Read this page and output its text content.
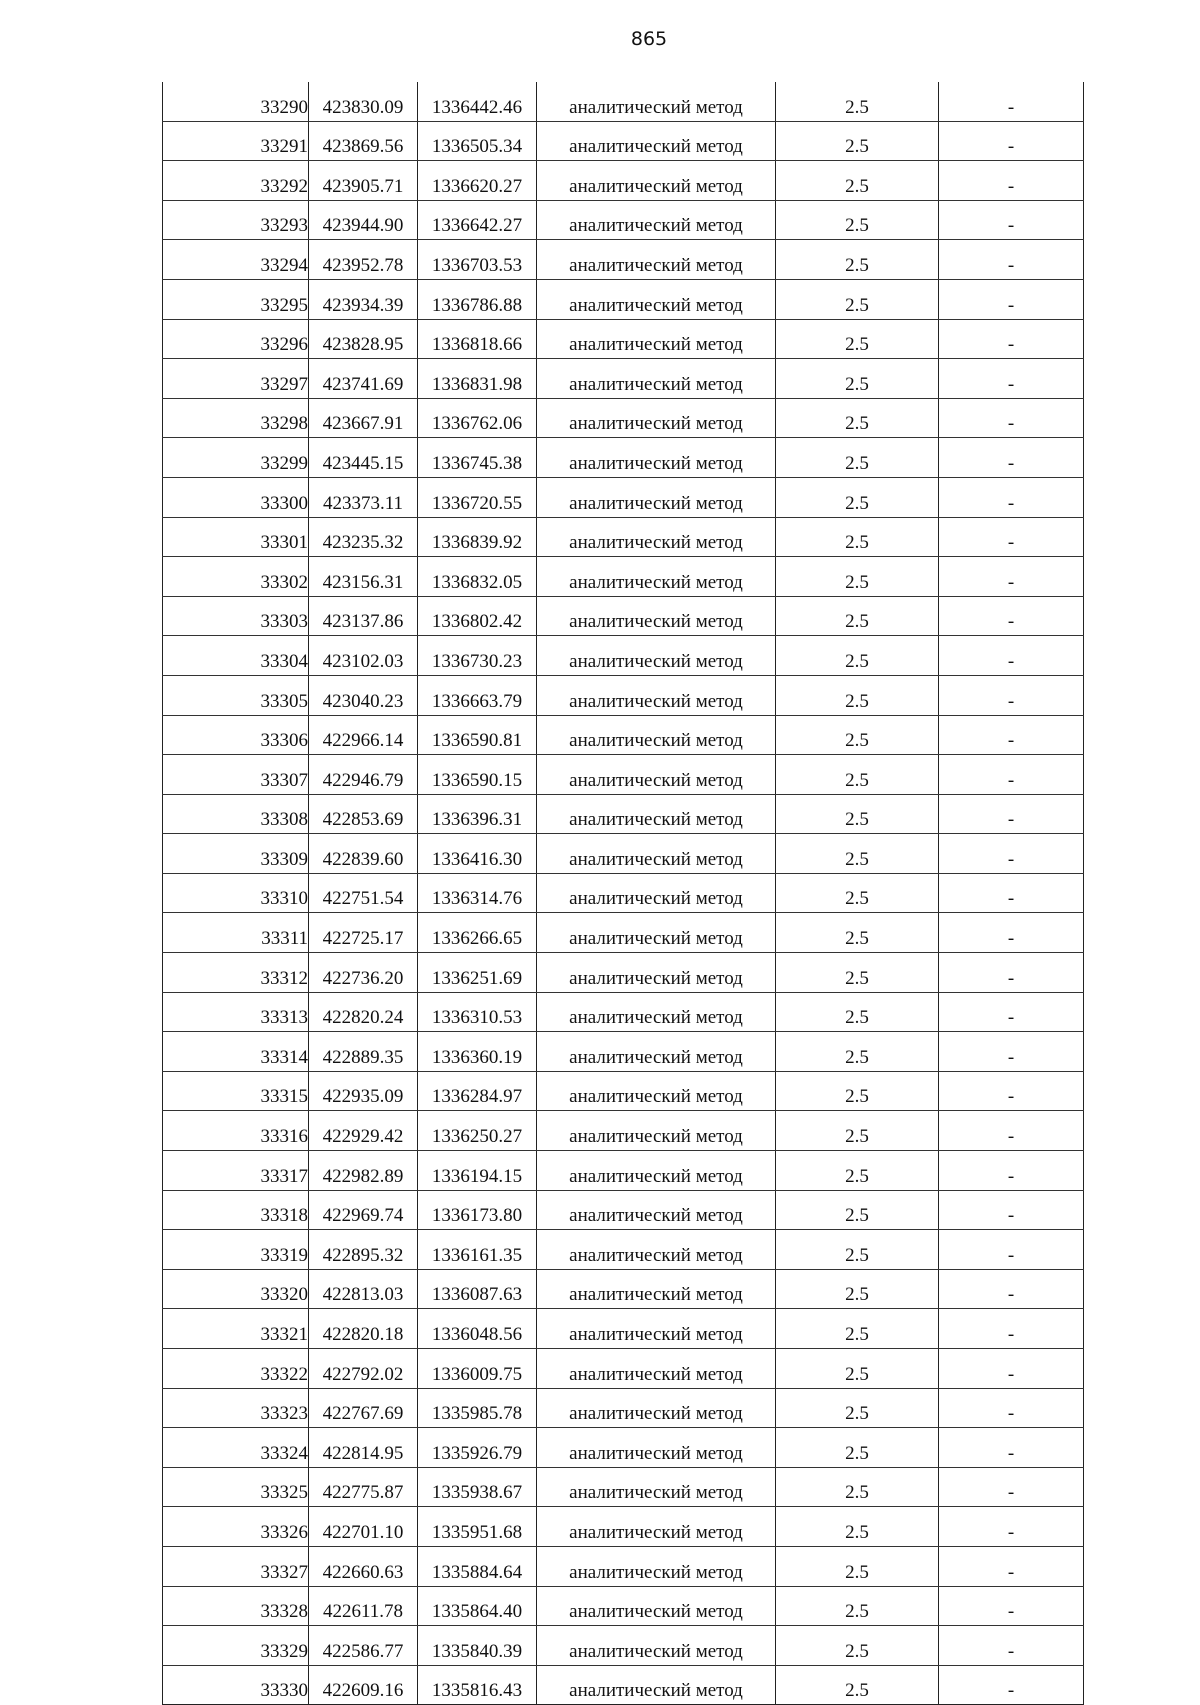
865
33290	423830.09	1336442.46	аналитический метод	2.5	-
33291	423869.56	1336505.34	аналитический метод	2.5	-
33292	423905.71	1336620.27	аналитический метод	2.5	-
33293	423944.90	1336642.27	аналитический метод	2.5	-
33294	423952.78	1336703.53	аналитический метод	2.5	-
33295	423934.39	1336786.88	аналитический метод	2.5	-
33296	423828.95	1336818.66	аналитический метод	2.5	-
33297	423741.69	1336831.98	аналитический метод	2.5	-
33298	423667.91	1336762.06	аналитический метод	2.5	-
33299	423445.15	1336745.38	аналитический метод	2.5	-
33300	423373.11	1336720.55	аналитический метод	2.5	-
33301	423235.32	1336839.92	аналитический метод	2.5	-
33302	423156.31	1336832.05	аналитический метод	2.5	-
33303	423137.86	1336802.42	аналитический метод	2.5	-
33304	423102.03	1336730.23	аналитический метод	2.5	-
33305	423040.23	1336663.79	аналитический метод	2.5	-
33306	422966.14	1336590.81	аналитический метод	2.5	-
33307	422946.79	1336590.15	аналитический метод	2.5	-
33308	422853.69	1336396.31	аналитический метод	2.5	-
33309	422839.60	1336416.30	аналитический метод	2.5	-
33310	422751.54	1336314.76	аналитический метод	2.5	-
33311	422725.17	1336266.65	аналитический метод	2.5	-
33312	422736.20	1336251.69	аналитический метод	2.5	-
33313	422820.24	1336310.53	аналитический метод	2.5	-
33314	422889.35	1336360.19	аналитический метод	2.5	-
33315	422935.09	1336284.97	аналитический метод	2.5	-
33316	422929.42	1336250.27	аналитический метод	2.5	-
33317	422982.89	1336194.15	аналитический метод	2.5	-
33318	422969.74	1336173.80	аналитический метод	2.5	-
33319	422895.32	1336161.35	аналитический метод	2.5	-
33320	422813.03	1336087.63	аналитический метод	2.5	-
33321	422820.18	1336048.56	аналитический метод	2.5	-
33322	422792.02	1336009.75	аналитический метод	2.5	-
33323	422767.69	1335985.78	аналитический метод	2.5	-
33324	422814.95	1335926.79	аналитический метод	2.5	-
33325	422775.87	1335938.67	аналитический метод	2.5	-
33326	422701.10	1335951.68	аналитический метод	2.5	-
33327	422660.63	1335884.64	аналитический метод	2.5	-
33328	422611.78	1335864.40	аналитический метод	2.5	-
33329	422586.77	1335840.39	аналитический метод	2.5	-
33330	422609.16	1335816.43	аналитический метод	2.5	-
